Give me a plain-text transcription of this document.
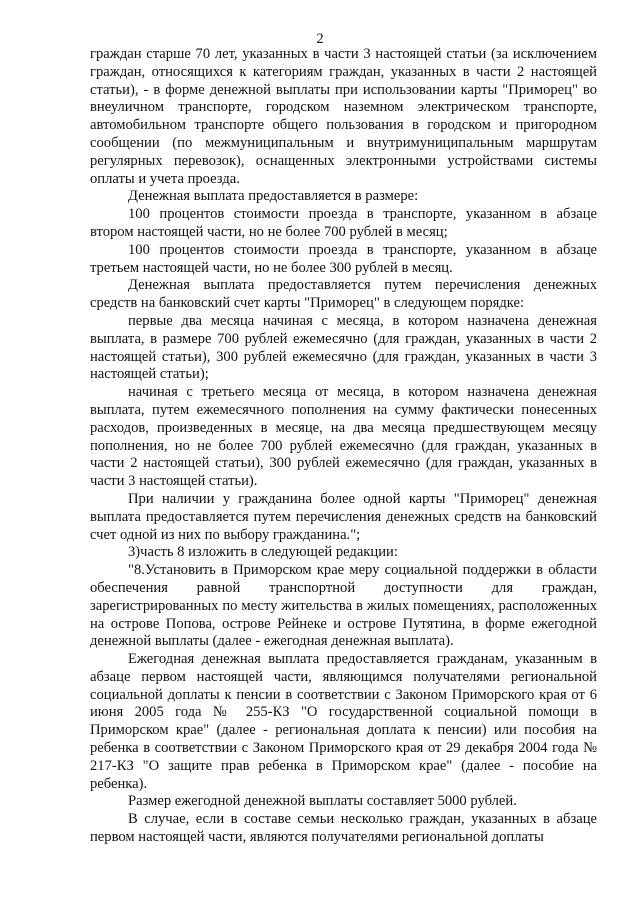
2

граждан старше 70 лет, указанных в части 3 настоящей статьи (за исключением граждан, относящихся к категориям граждан, указанных в части 2 настоящей статьи), - в форме денежной выплаты при использовании карты "Приморец" во внеуличном транспорте, городском наземном электрическом транспорте, автомобильном транспорте общего пользования в городском и пригородном сообщении (по межмуниципальным и внутримуниципальным маршрутам регулярных перевозок), оснащенных электронными устройствами системы оплаты и учета проезда.

Денежная выплата предоставляется в размере:

100 процентов стоимости проезда в транспорте, указанном в абзаце втором настоящей части, но не более 700 рублей в месяц;

100 процентов стоимости проезда в транспорте, указанном в абзаце третьем настоящей части, но не более 300 рублей в месяц.

Денежная выплата предоставляется путем перечисления денежных средств на банковский счет карты "Приморец" в следующем порядке:

первые два месяца начиная с месяца, в котором назначена денежная выплата, в размере 700 рублей ежемесячно (для граждан, указанных в части 2 настоящей статьи), 300 рублей ежемесячно (для граждан, указанных в части 3 настоящей статьи);

начиная с третьего месяца от месяца, в котором назначена денежная выплата, путем ежемесячного пополнения на сумму фактически понесенных расходов, произведенных в месяце, на два месяца предшествующем месяцу пополнения, но не более 700 рублей ежемесячно (для граждан, указанных в части 2 настоящей статьи), 300 рублей ежемесячно (для граждан, указанных в части 3 настоящей статьи).

При наличии у гражданина более одной карты "Приморец" денежная выплата предоставляется путем перечисления денежных средств на банковский счет одной из них по выбору гражданина.";

3)часть 8 изложить в следующей редакции:

"8.Установить в Приморском крае меру социальной поддержки в области обеспечения равной транспортной доступности для граждан, зарегистрированных по месту жительства в жилых помещениях, расположенных на острове Попова, острове Рейнеке и острове Путятина, в форме ежегодной денежной выплаты (далее - ежегодная денежная выплата).

Ежегодная денежная выплата предоставляется гражданам, указанным в абзаце первом настоящей части, являющимся получателями региональной социальной доплаты к пенсии в соответствии с Законом Приморского края от 6 июня 2005 года № 255-КЗ "О государственной социальной помощи в Приморском крае" (далее - региональная доплата к пенсии) или пособия на ребенка в соответствии с Законом Приморского края от 29 декабря 2004 года № 217-КЗ "О защите прав ребенка в Приморском крае" (далее - пособие на ребенка).

Размер ежегодной денежной выплаты составляет 5000 рублей.

В случае, если в составе семьи несколько граждан, указанных в абзаце первом настоящей части, являются получателями региональной доплаты
